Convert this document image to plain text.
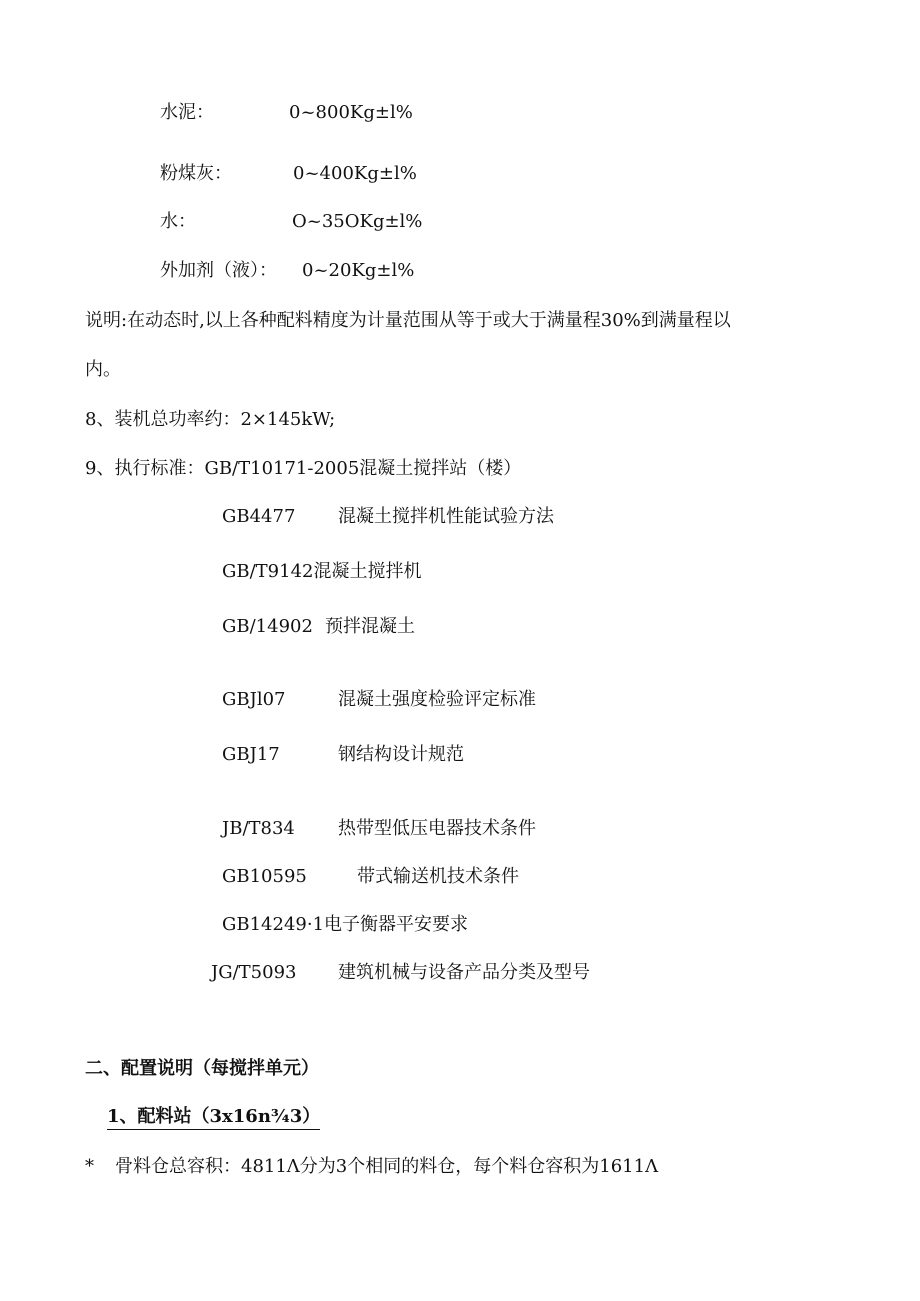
水泥：	0~800Kg±l%
粉煤灰：	0~400Kg±l%
水：	O~35OKg±l%
外加剂（液）： 0~20Kg±l%
说明:在动态时,以上各种配料精度为计量范围从等于或大于满量程30%到满量程以
内。
8、装机总功率约：2×145kW;
9、执行标准：GB/T10171-2005混凝土搅拌站（楼）
GB4477 混凝土搅拌机性能试验方法
GB/T9142混凝土搅拌机
GB/14902 预拌混凝土
GBJl07	混凝土强度检验评定标准
GBJ17	钢结构设计规范
JB/T834 热带型低压电器技术条件
GB10595	带式输送机技术条件
GB14249·1电子衡器平安要求
JG/T5093 建筑机械与设备产品分类及型号
二、配置说明（每搅拌单元）
1、配料站（3x16n¾3）
* 骨料仓总容积：4811Λ分为3个相同的料仓，每个料仓容积为1611Λ
